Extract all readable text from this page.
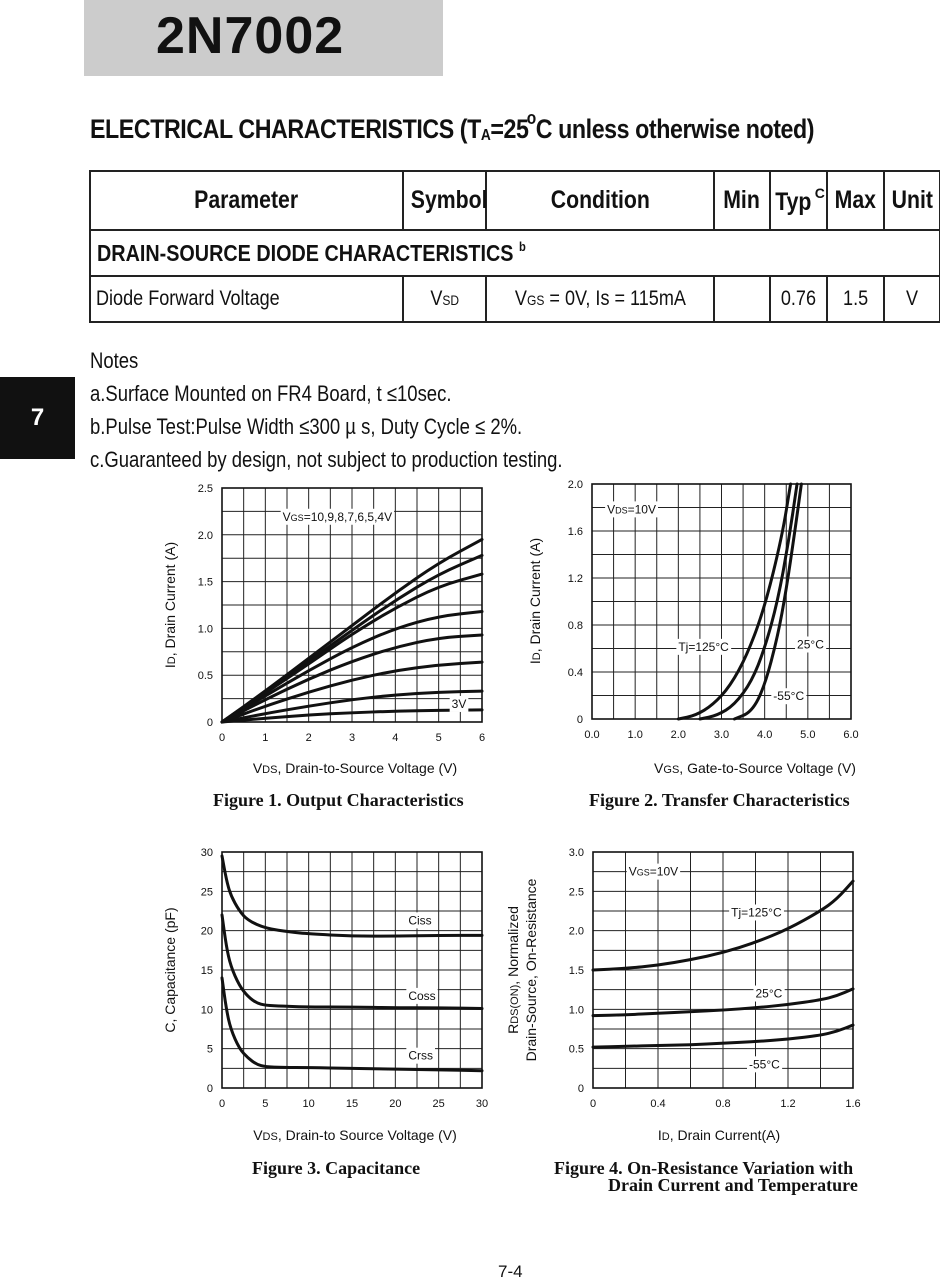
2N7002
ELECTRICAL CHARACTERISTICS ($T_A=25^oC$ unless otherwise noted)
Parameter	Symbol	Condition	Min	Typ $^C$	Max	Unit
DRAIN-SOURCE DIODE CHARACTERISTICS $^b$
Diode Forward Voltage	VSD	VGS = 0V, Is = 115mA		0.76	1.5	V
Notes
a.Surface Mounted on FR4 Board, t ≤10sec.
b.Pulse Test:Pulse Width ≤300 µ s, Duty Cycle ≤ 2%.
c.Guaranteed by design, not subject to production testing.
7
0	1	2	3	4	5	6
0
0.5
1.0
1.5
2.0
2.5
VGS=10,9,8,7,6,5,4V
3V
VDS, Drain-to-Source Voltage (V)
ID, Drain Current (A)
0.0	1.0	2.0	3.0	4.0	5.0	6.0
0
0.4
0.8
1.2
1.6
2.0
VDS=10V
Tj=125°C	25°C
-55°C
VGS, Gate-to-Source Voltage (V)
ID, Drain Current (A)
0	5	10	15	20	25	30
0
5
10
15
20
25
30
Ciss
Coss
Crss
VDS, Drain-to Source Voltage (V)
C, Capacitance (pF)
0	0.4	0.8	1.2	1.6
0
0.5
1.0
1.5
2.0
2.5
3.0
VGS=10V
Tj=125°C
25°C
-55°C
ID, Drain Current(A)
RDS(ON), Normalized Drain-Source, On-Resistance
Figure 1. Output Characteristics	Figure 2. Transfer Characteristics
Figure 3. Capacitance	Figure 4. On-Resistance Variation with
Drain Current and Temperature
7-4
